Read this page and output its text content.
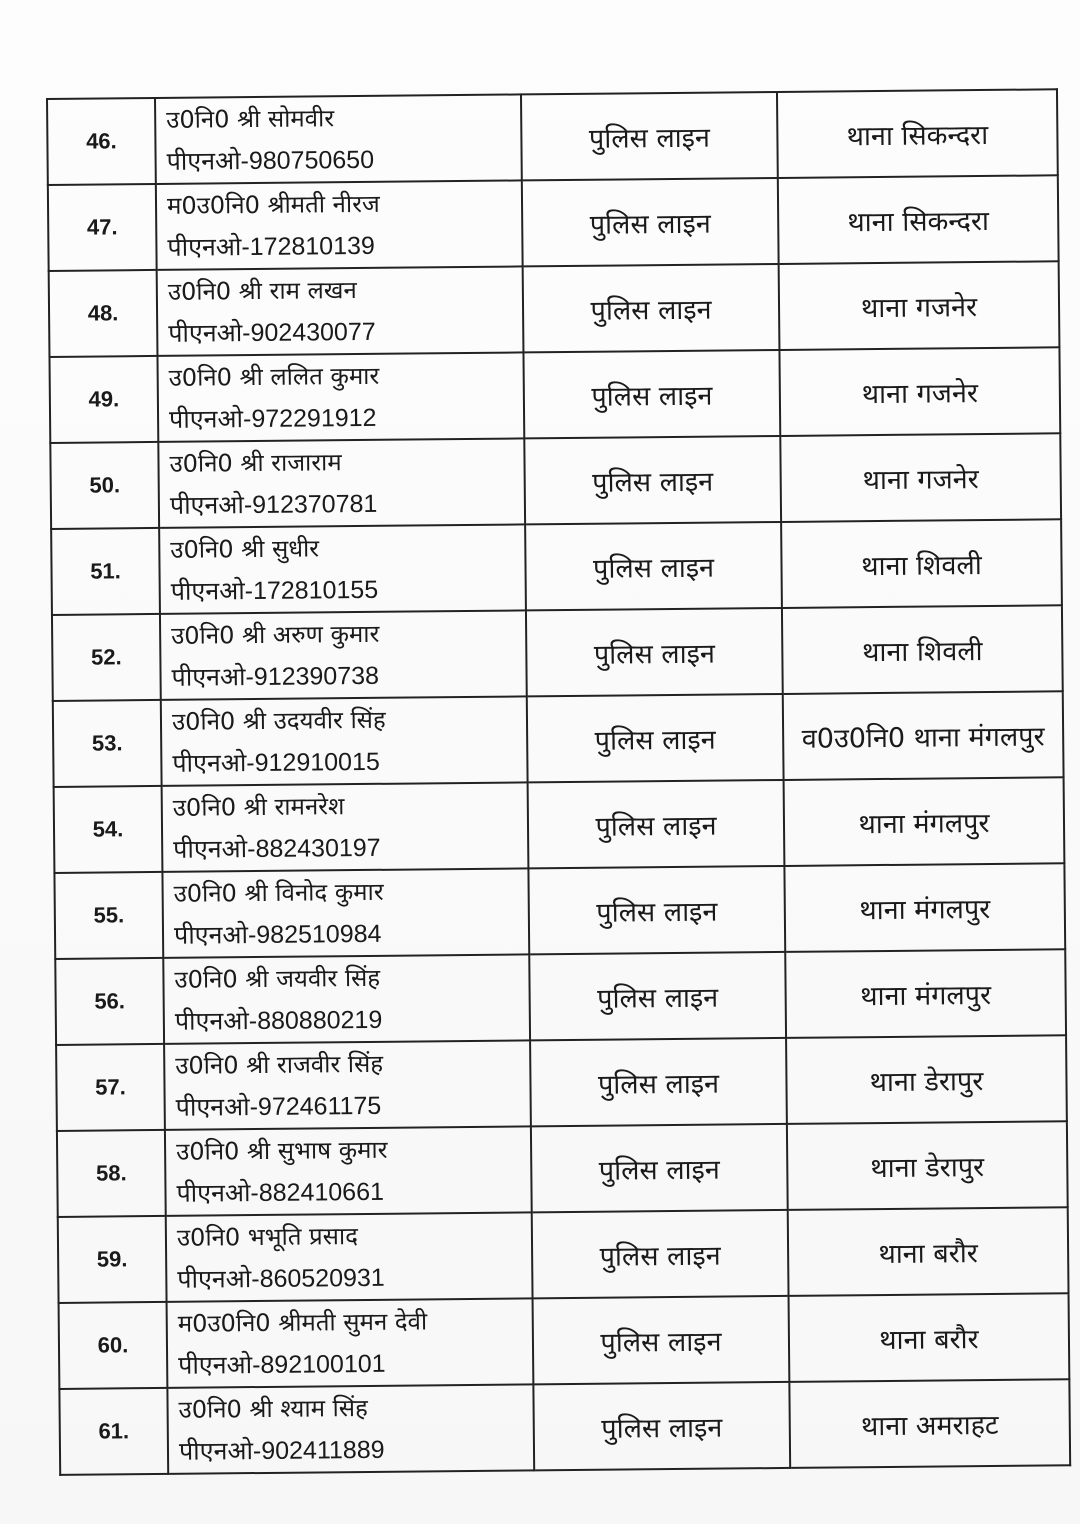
46.	उ0नि0 श्री सोमवीर
पीएनओ-980750650	पुलिस लाइन	थाना सिकन्दरा
47.	म0उ0नि0 श्रीमती नीरज
पीएनओ-172810139	पुलिस लाइन	थाना सिकन्दरा
48.	उ0नि0 श्री राम लखन
पीएनओ-902430077	पुलिस लाइन	थाना गजनेर
49.	उ0नि0 श्री ललित कुमार
पीएनओ-972291912	पुलिस लाइन	थाना गजनेर
50.	उ0नि0 श्री राजाराम
पीएनओ-912370781	पुलिस लाइन	थाना गजनेर
51.	उ0नि0 श्री सुधीर
पीएनओ-172810155	पुलिस लाइन	थाना शिवली
52.	उ0नि0 श्री अरुण कुमार
पीएनओ-912390738	पुलिस लाइन	थाना शिवली
53.	उ0नि0 श्री उदयवीर सिंह
पीएनओ-912910015	पुलिस लाइन	व0उ0नि0 थाना मंगलपुर
54.	उ0नि0 श्री रामनरेश
पीएनओ-882430197	पुलिस लाइन	थाना मंगलपुर
55.	उ0नि0 श्री विनोद कुमार
पीएनओ-982510984	पुलिस लाइन	थाना मंगलपुर
56.	उ0नि0 श्री जयवीर सिंह
पीएनओ-880880219	पुलिस लाइन	थाना मंगलपुर
57.	उ0नि0 श्री राजवीर सिंह
पीएनओ-972461175	पुलिस लाइन	थाना डेरापुर
58.	उ0नि0 श्री सुभाष कुमार
पीएनओ-882410661	पुलिस लाइन	थाना डेरापुर
59.	उ0नि0 भभूति प्रसाद
पीएनओ-860520931	पुलिस लाइन	थाना बरौर
60.	म0उ0नि0 श्रीमती सुमन देवी
पीएनओ-892100101	पुलिस लाइन	थाना बरौर
61.	उ0नि0 श्री श्याम सिंह
पीएनओ-902411889	पुलिस लाइन	थाना अमराहट
